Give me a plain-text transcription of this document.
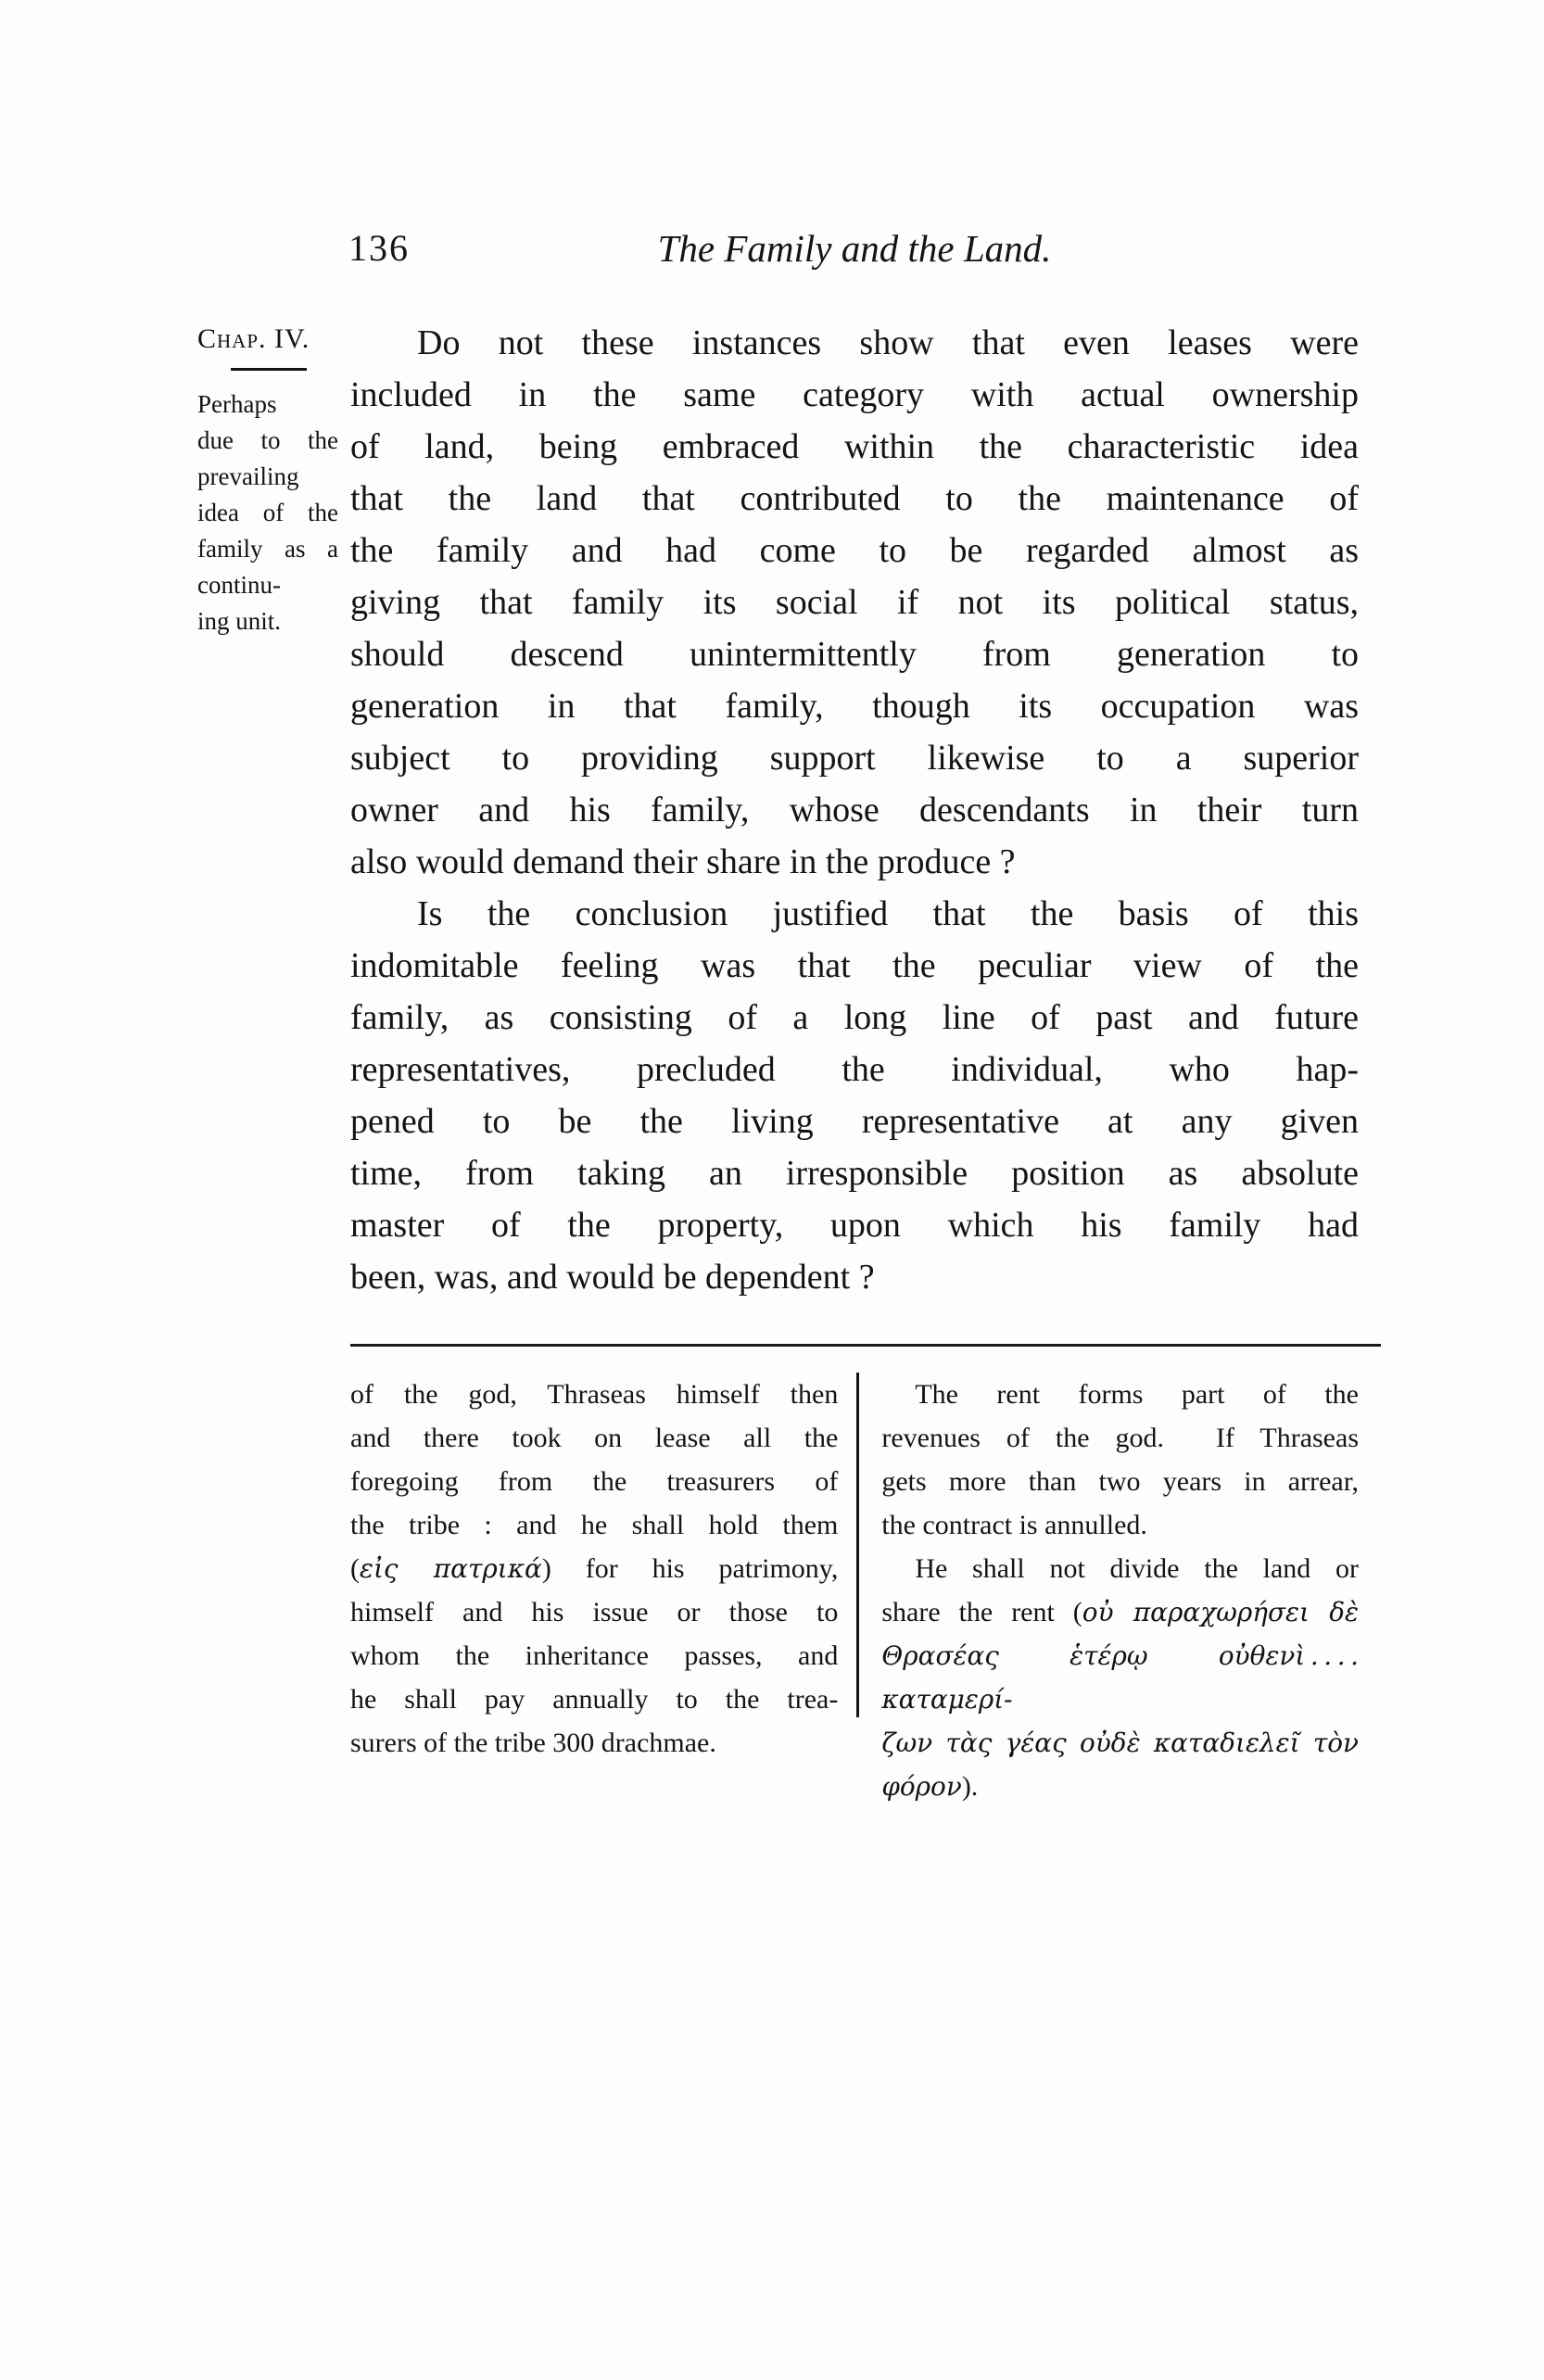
Chap. IV.
Perhaps
due to the
prevailing
idea of the
family as a
continu-
ing unit.
136	The Family and the Land.
Do not these instances show that even leases were
included in the same category with actual ownership
of land, being embraced within the characteristic idea
that the land that contributed to the maintenance of
the family and had come to be regarded almost as
giving that family its social if not its political status,
should descend unintermittently from generation to
generation in that family, though its occupation was
subject to providing support likewise to a superior
owner and his family, whose descendants in their turn
also would demand their share in the produce ?
Is the conclusion justified that the basis of this
indomitable feeling was that the peculiar view of the
family, as consisting of a long line of past and future
representatives, precluded the individual, who hap-
pened to be the living representative at any given
time, from taking an irresponsible position as absolute
master of the property, upon which his family had
been, was, and would be dependent ?
of the god, Thraseas himself then
and there took on lease all the
foregoing from the treasurers of
the tribe : and he shall hold them
(εἰς πατρικά) for his patrimony,
himself and his issue or those to
whom the inheritance passes, and
he shall pay annually to the trea-
surers of the tribe 300 drachmae.
The rent forms part of the
revenues of the god.  If Thraseas
gets more than two years in arrear,
the contract is annulled.
He shall not divide the land or
share the rent (οὐ παραχωρήσει δὲ
Θρασέας ἑτέρῳ οὐθενὶ . . . . καταμερί-
ζων τὰς γέας οὐδὲ καταδιελεῖ τὸν
φόρον).
